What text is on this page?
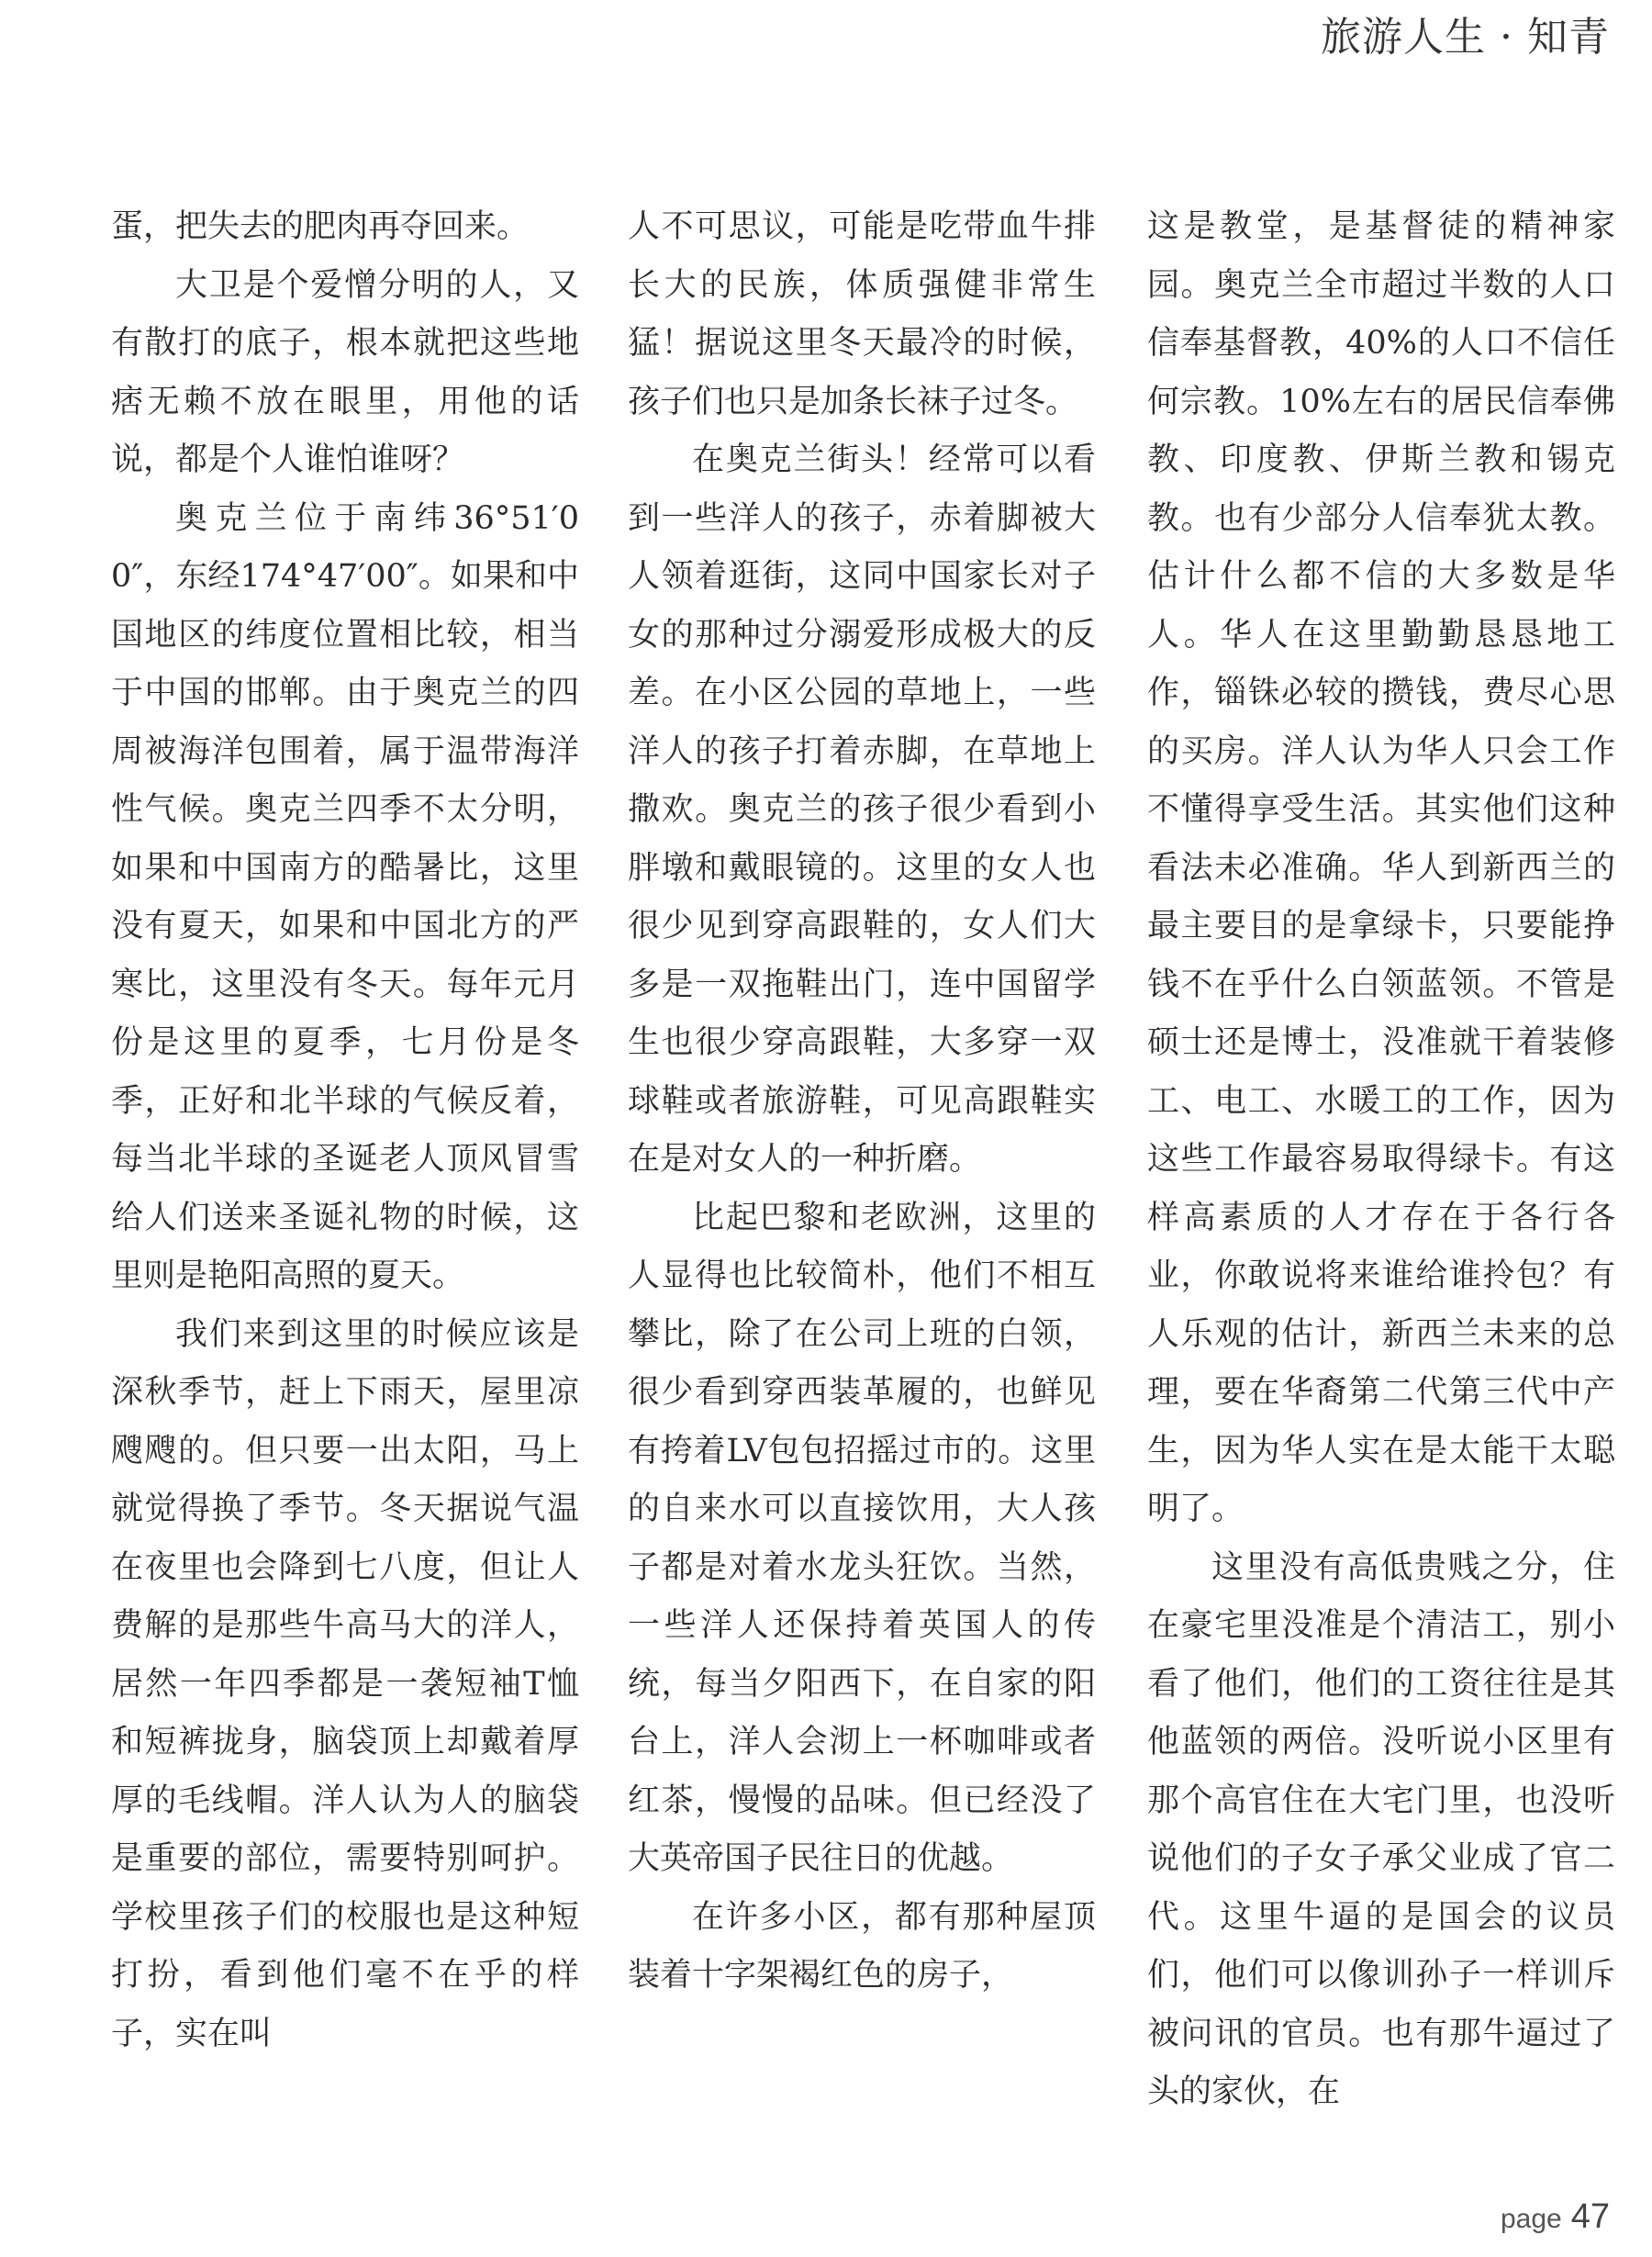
旅游人生 · 知青

蛋，把失去的肥肉再夺回来。

大卫是个爱憎分明的人，又有散打的底子，根本就把这些地痞无赖不放在眼里，用他的话说，都是个人谁怕谁呀？

奥克兰位于南纬36°51′00″，东经174°47′00″。如果和中国地区的纬度位置相比较，相当于中国的邯郸。由于奥克兰的四周被海洋包围着，属于温带海洋性气候。奥克兰四季不太分明，如果和中国南方的酷暑比，这里没有夏天，如果和中国北方的严寒比，这里没有冬天。每年元月份是这里的夏季，七月份是冬季，正好和北半球的气候反着，每当北半球的圣诞老人顶风冒雪给人们送来圣诞礼物的时候，这里则是艳阳高照的夏天。

我们来到这里的时候应该是深秋季节，赶上下雨天，屋里凉飕飕的。但只要一出太阳，马上就觉得换了季节。冬天据说气温在夜里也会降到七八度，但让人费解的是那些牛高马大的洋人，居然一年四季都是一袭短袖T恤和短裤拢身，脑袋顶上却戴着厚厚的毛线帽。洋人认为人的脑袋是重要的部位，需要特别呵护。学校里孩子们的校服也是这种短打扮，看到他们毫不在乎的样子，实在叫

人不可思议，可能是吃带血牛排长大的民族，体质强健非常生猛！据说这里冬天最冷的时候，孩子们也只是加条长袜子过冬。

在奥克兰街头！经常可以看到一些洋人的孩子，赤着脚被大人领着逛街，这同中国家长对子女的那种过分溺爱形成极大的反差。在小区公园的草地上，一些洋人的孩子打着赤脚，在草地上撒欢。奥克兰的孩子很少看到小胖墩和戴眼镜的。这里的女人也很少见到穿高跟鞋的，女人们大多是一双拖鞋出门，连中国留学生也很少穿高跟鞋，大多穿一双球鞋或者旅游鞋，可见高跟鞋实在是对女人的一种折磨。

比起巴黎和老欧洲，这里的人显得也比较简朴，他们不相互攀比，除了在公司上班的白领，很少看到穿西装革履的，也鲜见有挎着LV包包招摇过市的。这里的自来水可以直接饮用，大人孩子都是对着水龙头狂饮。当然，一些洋人还保持着英国人的传统，每当夕阳西下，在自家的阳台上，洋人会沏上一杯咖啡或者红茶，慢慢的品味。但已经没了大英帝国子民往日的优越。

在许多小区，都有那种屋顶装着十字架褐红色的房子，

这是教堂，是基督徒的精神家园。奥克兰全市超过半数的人口信奉基督教，40%的人口不信任何宗教。10%左右的居民信奉佛教、印度教、伊斯兰教和锡克教。也有少部分人信奉犹太教。估计什么都不信的大多数是华人。华人在这里勤勤恳恳地工作，锱铢必较的攒钱，费尽心思的买房。洋人认为华人只会工作不懂得享受生活。其实他们这种看法未必准确。华人到新西兰的最主要目的是拿绿卡，只要能挣钱不在乎什么白领蓝领。不管是硕士还是博士，没准就干着装修工、电工、水暖工的工作，因为这些工作最容易取得绿卡。有这样高素质的人才存在于各行各业，你敢说将来谁给谁拎包？有人乐观的估计，新西兰未来的总理，要在华裔第二代第三代中产生，因为华人实在是太能干太聪明了。

这里没有高低贵贱之分，住在豪宅里没准是个清洁工，别小看了他们，他们的工资往往是其他蓝领的两倍。没听说小区里有那个高官住在大宅门里，也没听说他们的子女子承父业成了官二代。这里牛逼的是国会的议员们，他们可以像训孙子一样训斥被问讯的官员。也有那牛逼过了头的家伙，在

page 47
